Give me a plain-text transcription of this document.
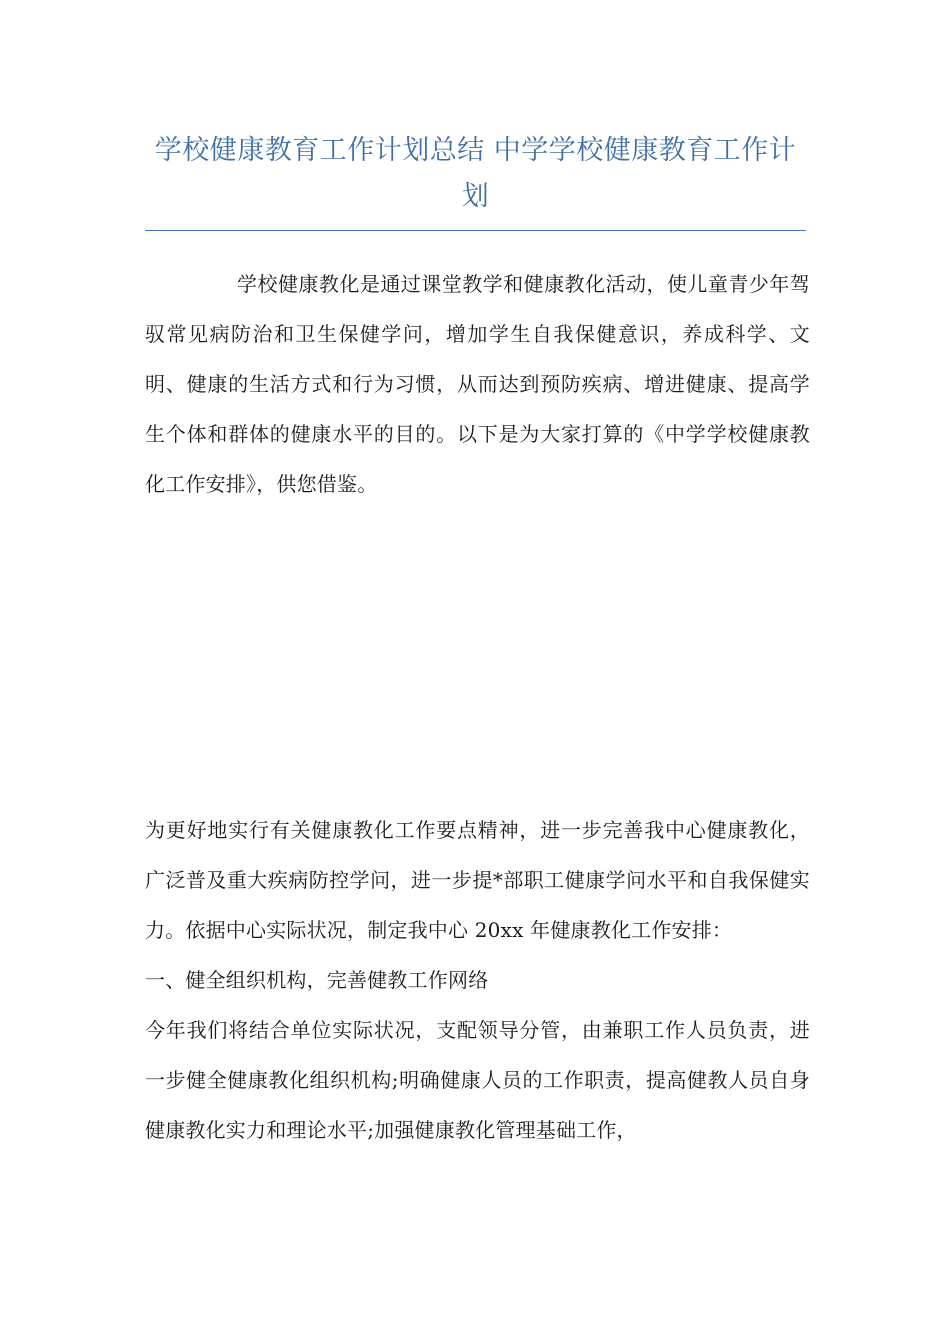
学校健康教育工作计划总结 中学学校健康教育工作计划

学校健康教化是通过课堂教学和健康教化活动，使儿童青少年驾驭常见病防治和卫生保健学问，增加学生自我保健意识，养成科学、文明、健康的生活方式和行为习惯，从而达到预防疾病、增进健康、提高学生个体和群体的健康水平的目的。以下是为大家打算的《中学学校健康教化工作安排》，供您借鉴。

为更好地实行有关健康教化工作要点精神，进一步完善我中心健康教化，广泛普及重大疾病防控学问，进一步提*部职工健康学问水平和自我保健实力。依据中心实际状况，制定我中心 20xx 年健康教化工作安排：

一、健全组织机构，完善健教工作网络

今年我们将结合单位实际状况，支配领导分管，由兼职工作人员负责，进一步健全健康教化组织机构;明确健康人员的工作职责，提高健教人员自身健康教化实力和理论水平;加强健康教化管理基础工作，
